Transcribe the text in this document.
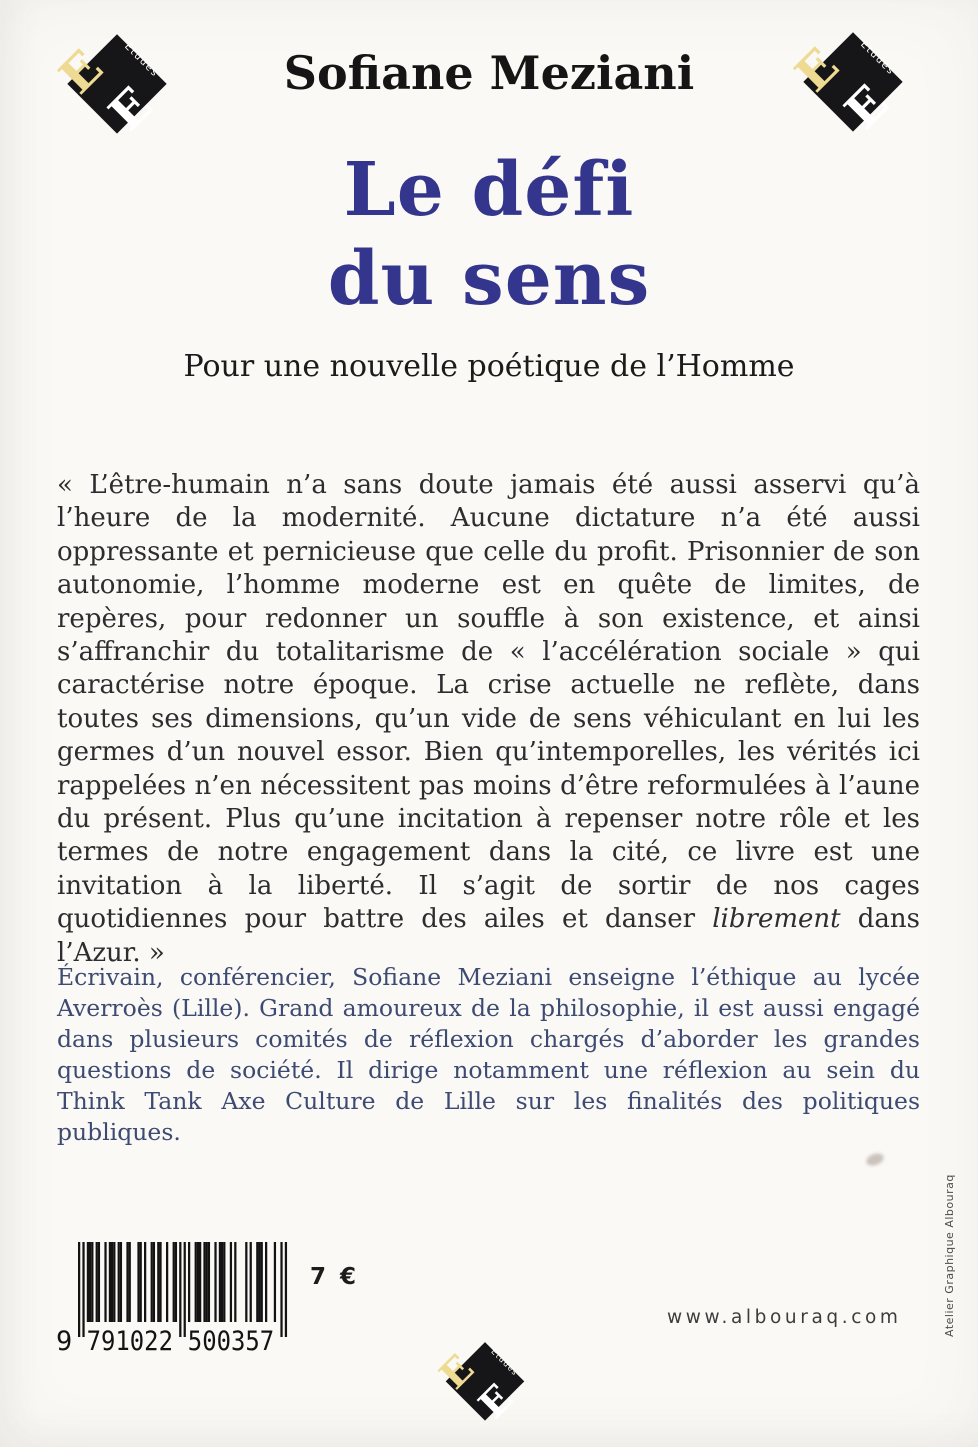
E
E
Etudes	E
E
Etudes
Sofiane Meziani
Le défi
du sens
Pour une nouvelle poétique de l’Homme

« L’être-humain n’a sans doute jamais été aussi asservi qu’à l’heure de la modernité. Aucune dictature n’a été aussi oppressante et pernicieuse que celle du profit. Prisonnier de son autonomie, l’homme moderne est en quête de limites, de repères, pour redonner un souffle à son existence, et ainsi s’affranchir du totalitarisme de « l’accélération sociale » qui caractérise notre époque. La crise actuelle ne reflète, dans toutes ses dimensions, qu’un vide de sens véhiculant en lui les germes d’un nouvel essor. Bien qu’intemporelles, les vérités ici rappelées n’en nécessitent pas moins d’être reformulées à l’aune du présent. Plus qu’une incitation à repenser notre rôle et les termes de notre engagement dans la cité, ce livre est une invitation à la liberté. Il s’agit de sortir de nos cages quotidiennes pour battre des ailes et danser librement dans l’Azur. »

Écrivain, conférencier, Sofiane Meziani enseigne l’éthique au lycée Averroès (Lille). Grand amoureux de la philosophie, il est aussi engagé dans plusieurs comités de réflexion chargés d’aborder les grandes questions de société. Il dirige notamment une réflexion au sein du Think Tank Axe Culture de Lille sur les finalités des politiques publiques.

9 791022 500357
7 €
www.albouraq.com	Atelier Graphique Albouraq
E
E
Etudes
